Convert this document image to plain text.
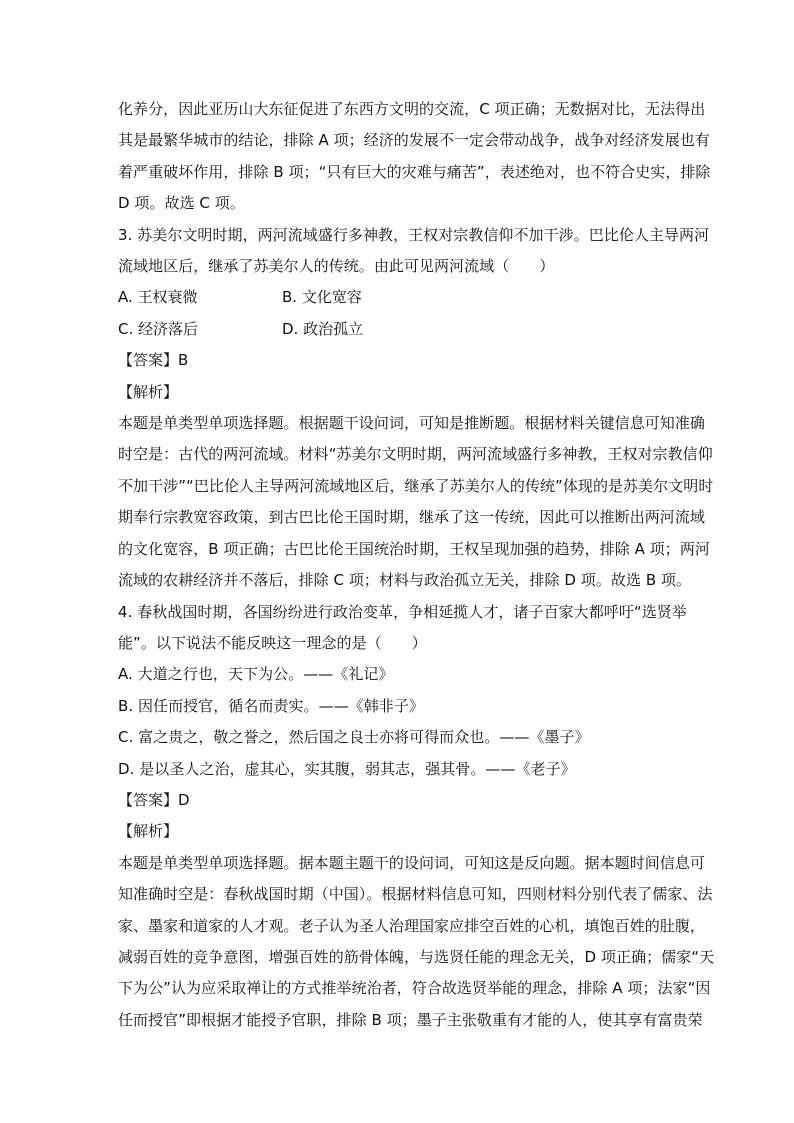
化养分，因此亚历山大东征促进了东西方文明的交流，C 项正确；无数据对比，无法得出
其是最繁华城市的结论，排除 A 项；经济的发展不一定会带动战争，战争对经济发展也有
着严重破坏作用，排除 B 项；“只有巨大的灾难与痛苦”，表述绝对，也不符合史实，排除
D 项。故选 C 项。
3. 苏美尔文明时期，两河流域盛行多神教，王权对宗教信仰不加干涉。巴比伦人主导两河
流域地区后，继承了苏美尔人的传统。由此可见两河流域（　　）
A. 王权衰微	B. 文化宽容
C. 经济落后	D. 政治孤立
【答案】B
【解析】
本题是单类型单项选择题。根据题干设问词，可知是推断题。根据材料关键信息可知准确
时空是：古代的两河流域。材料“苏美尔文明时期，两河流域盛行多神教，王权对宗教信仰
不加干涉”“巴比伦人主导两河流域地区后，继承了苏美尔人的传统”体现的是苏美尔文明时
期奉行宗教宽容政策，到古巴比伦王国时期，继承了这一传统，因此可以推断出两河流域
的文化宽容，B 项正确；古巴比伦王国统治时期，王权呈现加强的趋势，排除 A 项；两河
流域的农耕经济并不落后，排除 C 项；材料与政治孤立无关，排除 D 项。故选 B 项。
4. 春秋战国时期，各国纷纷进行政治变革，争相延揽人才，诸子百家大都呼吁“选贤举
能”。以下说法不能反映这一理念的是（　　）
A. 大道之行也，天下为公。——《礼记》
B. 因任而授官，循名而责实。——《韩非子》
C. 富之贵之，敬之誉之，然后国之良士亦将可得而众也。——《墨子》
D. 是以圣人之治，虚其心，实其腹，弱其志，强其骨。——《老子》
【答案】D
【解析】
本题是单类型单项选择题。据本题主题干的设问词，可知这是反向题。据本题时间信息可
知准确时空是：春秋战国时期（中国）。根据材料信息可知，四则材料分别代表了儒家、法
家、墨家和道家的人才观。老子认为圣人治理国家应排空百姓的心机，填饱百姓的肚腹，
减弱百姓的竞争意图，增强百姓的筋骨体魄，与选贤任能的理念无关，D 项正确；儒家“天
下为公”认为应采取禅让的方式推举统治者，符合故选贤举能的理念，排除 A 项；法家“因
任而授官”即根据才能授予官职，排除 B 项；墨子主张敬重有才能的人，使其享有富贵荣
